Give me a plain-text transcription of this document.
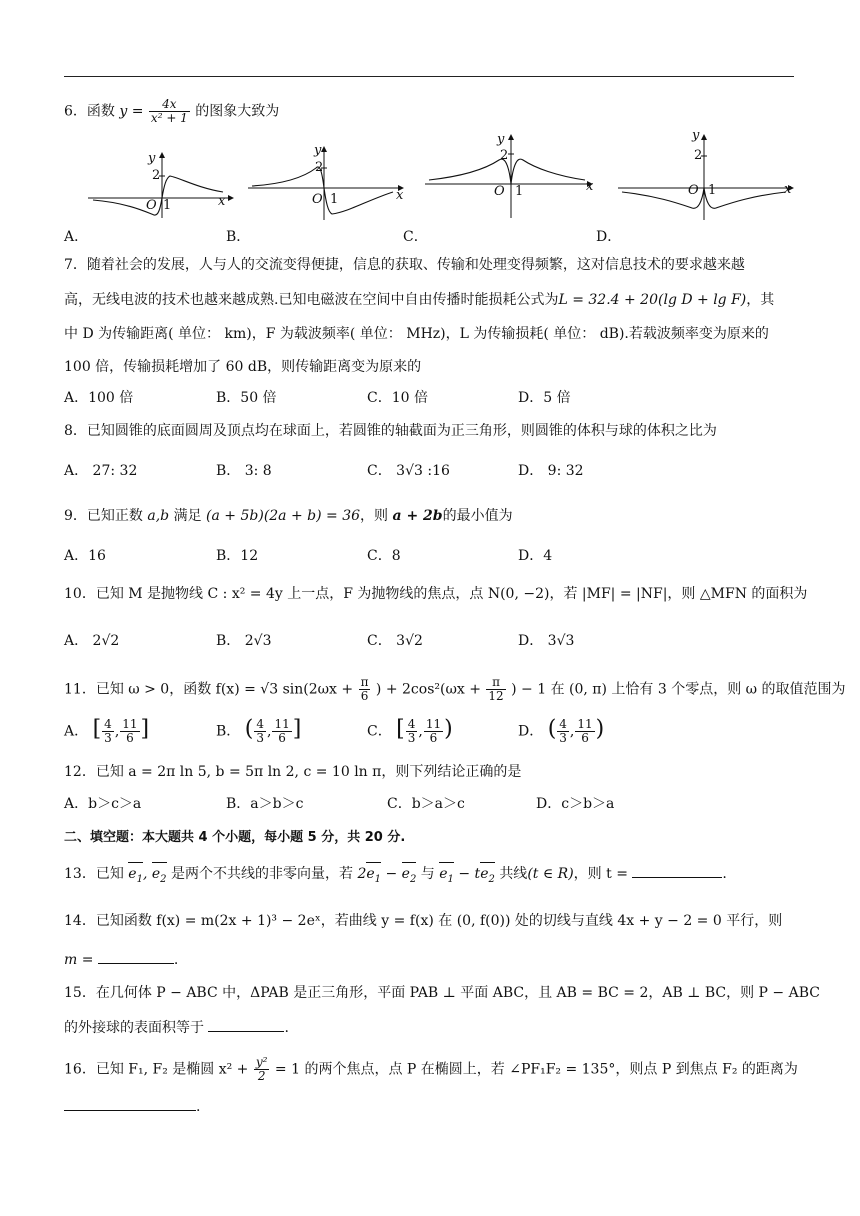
6．函数 $y = \frac{4x}{\text{x² + 1}}$ 的图象大致为
y
2
O 1	x
y
2
O 1	x
y
2
O 1	x
y
2
O 1	x
A．	B．	C．	D．
7．随着社会的发展，人与人的交流变得便捷，信息的获取、传输和处理变得频繁，这对信息技术的要求越来越
高，无线电波的技术也越来越成熟.已知电磁波在空间中自由传播时能损耗公式为L = 32.4 + 20(lg D + lg F)，其
中 D 为传输距离( 单位： km)，F 为载波频率( 单位： MHz)，L 为传输损耗( 单位： dB).若载波频率变为原来的
100 倍，传输损耗增加了 60 dB，则传输距离变为原来的
A．100 倍	B．50 倍	C．10 倍	D．5 倍
8．已知圆锥的底面圆周及顶点均在球面上，若圆锥的轴截面为正三角形，则圆锥的体积与球的体积之比为
A． 27: 32	B． 3: 8	C． 3√3 :16	D． 9: 32
9．已知正数 a,b 满足 (a + 5b)(2a + b) = 36，则 a + 2b的最小值为
A．16	B．12	C．8	D．4
10．已知 M 是抛物线 C : x² = 4y 上一点，F 为抛物线的焦点，点 N(0, −2)，若 |MF| = |NF|，则 △MFN 的面积为
A． 2√2	B． 2√3	C． 3√2	D． 3√3
11．已知 ω > 0，函数 f(x) = √3 $\sin(2\omega x + \frac{\pi}{6}$ ) + $2\cos^2(\omega x + \frac{\pi}{12}$ ) − 1 在 (0, π) 上恰有 3 个零点，则 ω 的取值范围为
A． [ $\frac{4}{3}$ , $\frac{11}{6}$ ]	B． ( $\frac{4}{3}$ , $\frac{11}{6}$ ]	C． [ $\frac{4}{3}$ , $\frac{11}{6}$ )	D． ( $\frac{4}{3}$ , $\frac{11}{6}$ )
12．已知 a = 2π ln 5, b = 5π ln 2, c = 10 ln π，则下列结论正确的是
A．b＞c＞a	B．a＞b＞c	C．b＞a＞c	D．c＞b＞a
二、填空题：本大题共 4 个小题，每小题 5 分，共 20 分.
13．已知 $e_1$, $e_2$ 是两个不共线的非零向量，若 $2e_1 - e_2$ 与 $e_1 - te_2$ 共线(t ∈ R)，则 t =	.
14．已知函数 f(x) = m(2x + 1)³ − 2eˣ，若曲线 y = f(x) 在 (0, f(0)) 处的切线与直线 4x + y − 2 = 0 平行，则
m =	.
15．在几何体 P − ABC 中，ΔPAB 是正三角形，平面 PAB ⊥ 平面 ABC，且 AB = BC = 2，AB ⊥ BC，则 P − ABC
的外接球的表面积等于	.
16．已知 F₁, F₂ 是椭圆 $x^2 + \frac{\text{y²}}{2} = 1$ 的两个焦点，点 P 在椭圆上，若 ∠PF₁F₂ = 135°，则点 P 到焦点 F₂ 的距离为
.
